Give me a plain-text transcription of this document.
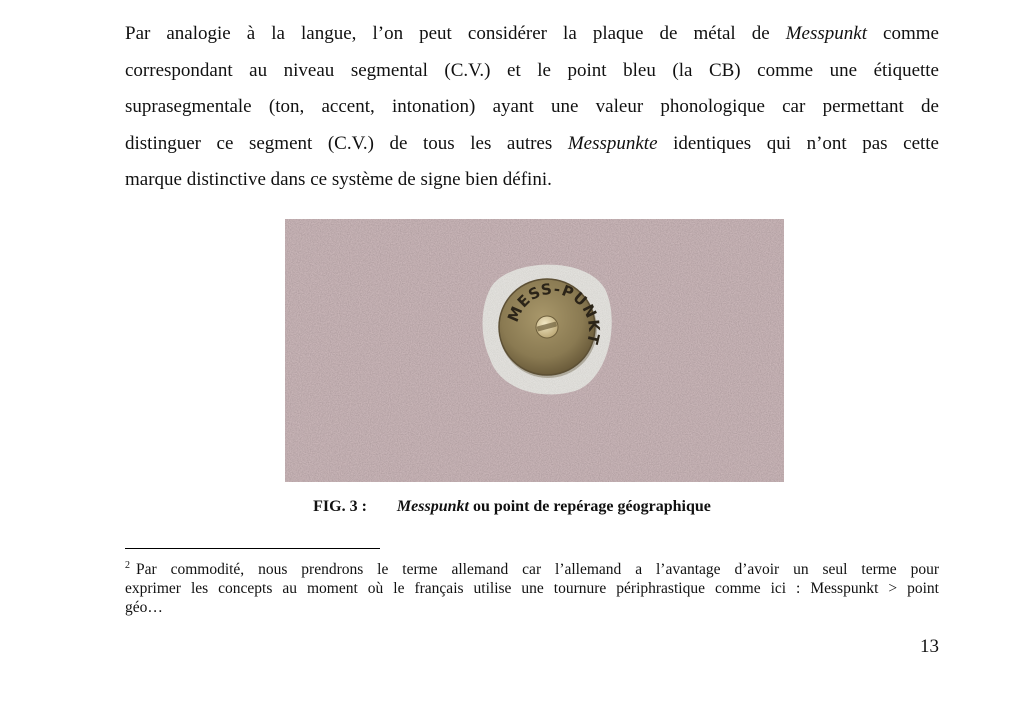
Par analogie à la langue, l’on peut considérer la plaque de métal de Messpunkt comme
correspondant au niveau segmental (C.V.) et le point bleu (la CB) comme une étiquette
suprasegmentale (ton, accent, intonation) ayant une valeur phonologique car permettant de
distinguer ce segment (C.V.) de tous les autres Messpunkte identiques qui n’ont pas cette
marque distinctive dans ce système de signe bien défini.
MESS-PUNKT
FIG. 3 : Messpunkt ou point de repérage géographique
$^2$ Par commodité, nous prendrons le terme allemand car l’allemand a l’avantage d’avoir un seul terme pour
exprimer les concepts au moment où le français utilise une tournure périphrastique comme ici : Messpunkt > point
géo…
13
